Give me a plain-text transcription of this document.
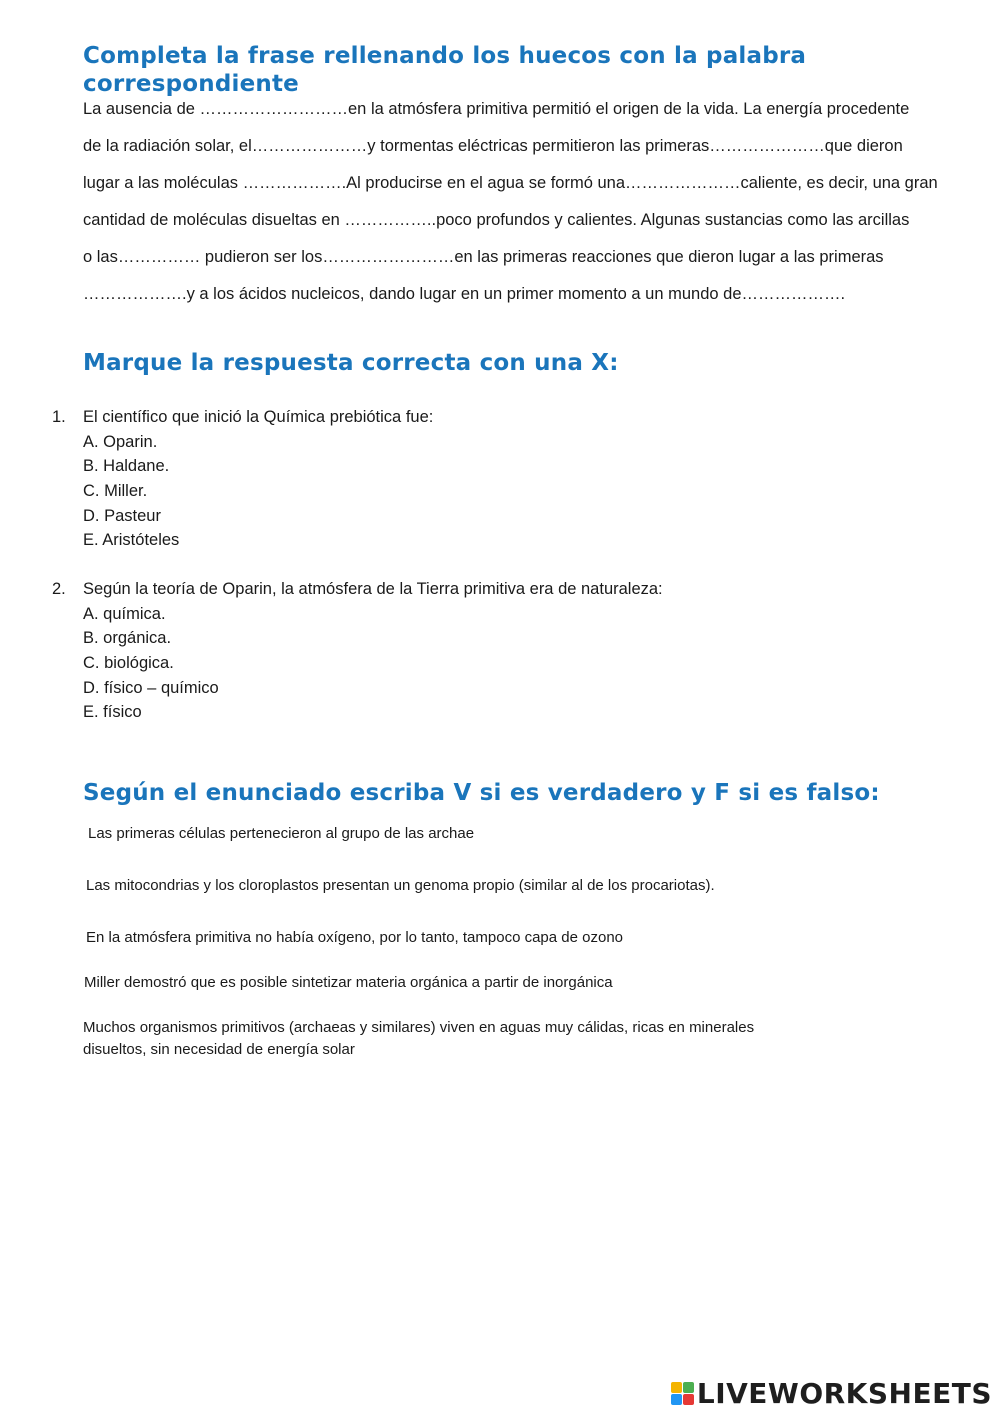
Completa la frase rellenando los huecos con la palabra correspondiente
La ausencia de ………………………en la atmósfera primitiva permitió el origen de la vida. La energía procedente
de la radiación solar, el…………………y tormentas eléctricas permitieron las primeras…………………que dieron
lugar a las moléculas ……………….Al producirse en el agua se formó una…………………caliente, es decir, una gran
cantidad de moléculas disueltas en ……………..poco profundos y calientes. Algunas sustancias como las arcillas
o las…………… pudieron ser los……………………en las primeras reacciones que dieron lugar a las primeras
……………….y a los ácidos nucleicos, dando lugar en un primer momento a un mundo de……………….
Marque la respuesta correcta con una X:
1. El científico que inició la Química prebiótica fue:
A. Oparin.
B. Haldane.
C. Miller.
D. Pasteur
E. Aristóteles
2. Según la teoría de Oparin, la atmósfera de la Tierra primitiva era de naturaleza:
A. química.
B. orgánica.
C. biológica.
D. físico – químico
E. físico
Según el enunciado escriba V si es verdadero y F si es falso:

Las primeras células pertenecieron al grupo de las archae

Las mitocondrias y los cloroplastos presentan un genoma propio (similar al de los procariotas).

En la atmósfera primitiva no había oxígeno, por lo tanto, tampoco capa de ozono

Miller demostró que es posible sintetizar materia orgánica a partir de inorgánica

Muchos organismos primitivos (archaeas y similares) viven en aguas muy cálidas, ricas en minerales disueltos, sin necesidad de energía solar

LIVEWORKSHEETS
